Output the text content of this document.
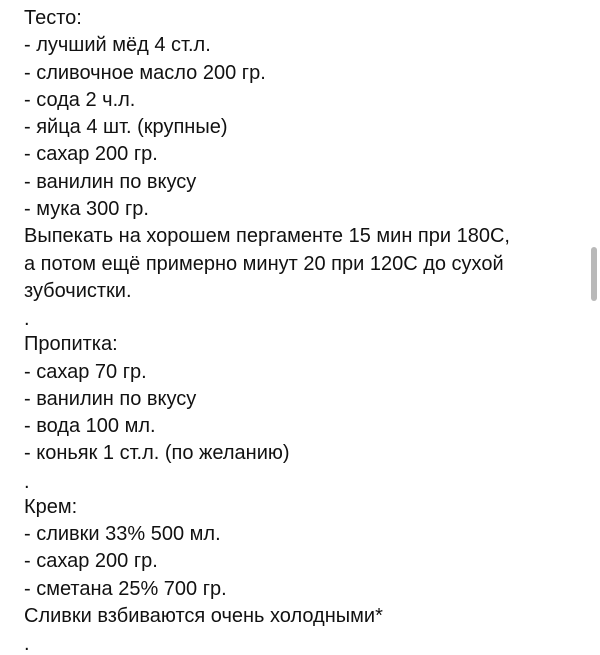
Тесто:
- лучший мёд 4 ст.л.
- сливочное масло 200 гр.
- сода 2 ч.л.
- яйца 4 шт. (крупные)
- сахар 200 гр.
- ванилин по вкусу
- мука 300 гр.
Выпекать на хорошем пергаменте 15 мин при 180С,
а потом ещё примерно минут 20 при 120С до сухой
зубочистки.
.
Пропитка:
- сахар 70 гр.
- ванилин по вкусу
- вода 100 мл.
- коньяк 1 ст.л. (по желанию)
.
Крем:
- сливки 33% 500 мл.
- сахар 200 гр.
- сметана 25% 700 гр.
Сливки взбиваются очень холодными*
.
